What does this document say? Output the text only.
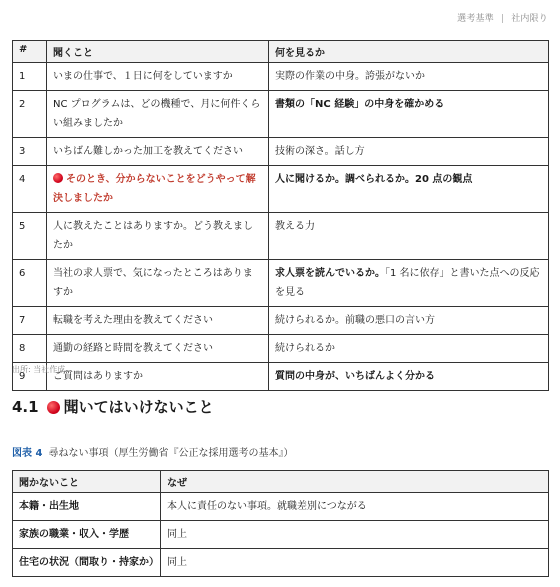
選考基準 | 社内限り
#	聞くこと	何を見るか
1	いまの仕事で、１日に何をしていますか	実際の作業の中身。誇張がないか
2	NC プログラムは、どの機種で、月に何件くらい組みましたか	書類の「NC 経験」の中身を確かめる
3	いちばん難しかった加工を教えてください	技術の深さ。話し方
4	そのとき、分からないことをどうやって解決しましたか	人に聞けるか。調べられるか。20 点の観点
5	人に教えたことはありますか。どう教えましたか	教える力
6	当社の求人票で、気になったところはありますか	求人票を読んでいるか。「1 名に依存」と書いた点への反応を見る
7	転職を考えた理由を教えてください	続けられるか。前職の悪口の言い方
8	通勤の経路と時間を教えてください	続けられるか
9	ご質問はありますか	質問の中身が、いちばんよく分かる
出所: 当社作成
4.1 聞いてはいけないこと
図表 4 尋ねない事項（厚生労働省『公正な採用選考の基本』）
聞かないこと	なぜ
本籍・出生地	本人に責任のない事項。就職差別につながる
家族の職業・収入・学歴	同上
住宅の状況（間取り・持家か）	同上
